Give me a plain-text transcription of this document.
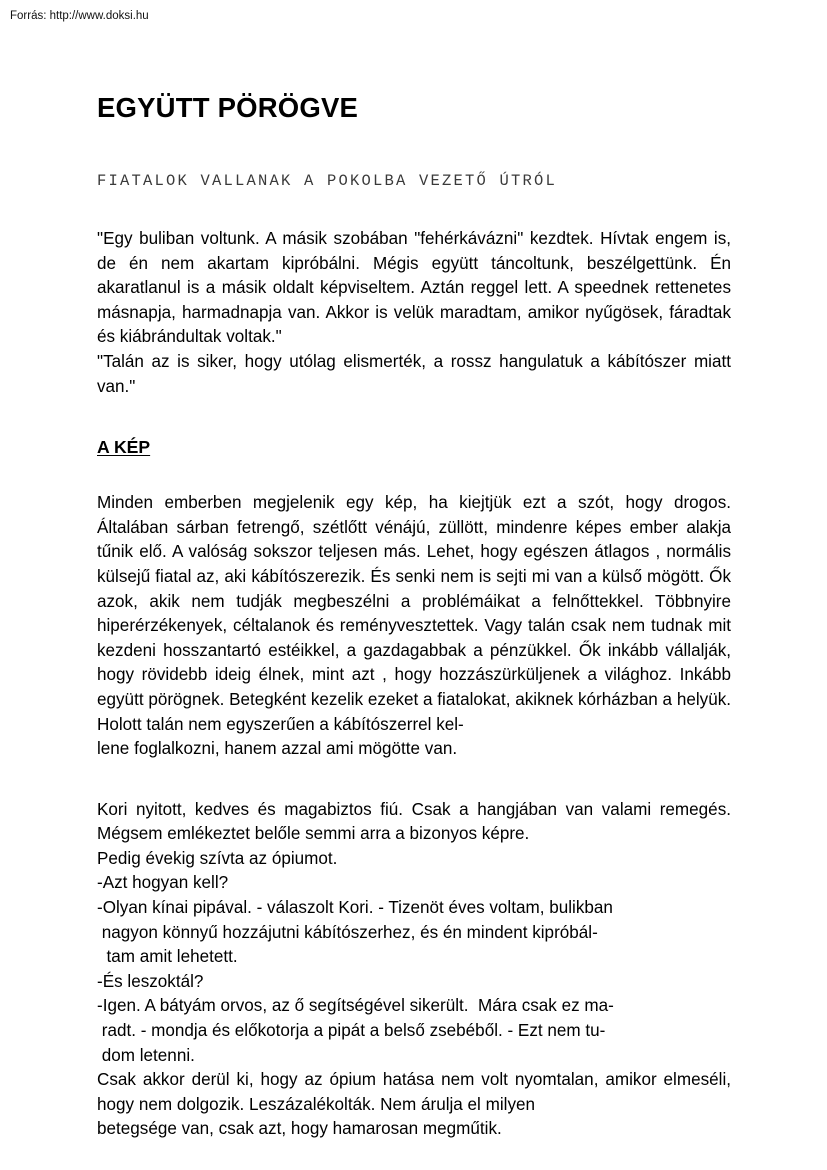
Forrás: http://www.doksi.hu
EGYÜTT PÖRÖGVE
FIATALOK VALLANAK A POKOLBA VEZETŐ ÚTRÓL

"Egy buliban voltunk. A másik szobában "fehérkávázni" kezdtek. Hívtak engem is, de én nem akartam kipróbálni. Mégis együtt táncoltunk, beszélgettünk. Én akaratlanul is a másik oldalt képviseltem. Aztán reggel lett. A speednek rettenetes másnapja, harmadnapja van. Akkor is velük maradtam, amikor nyűgösek, fáradtak és kiábrándultak voltak."

"Talán az is siker, hogy utólag elismerték, a rossz hangulatuk a kábítószer miatt van."

A KÉP

Minden emberben megjelenik egy kép, ha kiejtjük ezt a szót, hogy drogos. Általában sárban fetrengő, szétlőtt vénájú, züllött, mindenre képes ember alakja tűnik elő. A valóság sokszor teljesen más. Lehet, hogy egészen átlagos , normális külsejű fiatal az, aki kábítószerezik. És senki nem is sejti mi van a külső mögött. Ők azok, akik nem tudják megbeszélni a problémáikat a felnőttekkel. Többnyire hiperérzékenyek, céltalanok és reményvesztettek. Vagy talán csak nem tudnak mit kezdeni hosszantartó estéikkel, a gazdagabbak a pénzükkel. Ők inkább vállalják, hogy rövidebb ideig élnek, mint azt , hogy hozzászürküljenek a világhoz. Inkább együtt pörögnek. Betegként kezelik ezeket a fiatalokat, akiknek kórházban a helyük. Holott talán nem egyszerűen a kábítószerrel kel-

lene foglalkozni, hanem azzal ami mögötte van.

Kori nyitott, kedves és magabiztos fiú. Csak a hangjában van valami remegés. Mégsem emlékeztet belőle semmi arra a bizonyos képre.

Pedig évekig szívta az ópiumot.

-Azt hogyan kell?

-Olyan kínai pipával. - válaszolt Kori. - Tizenöt éves voltam, bulikban

nagyon könnyű hozzájutni kábítószerhez, és én mindent kipróbál-

tam amit lehetett.

-És leszoktál?

-Igen. A bátyám orvos, az ő segítségével sikerült.  Mára csak ez ma-

radt. - mondja és előkotorja a pipát a belső zsebéből. - Ezt nem tu-

dom letenni.

Csak akkor derül ki, hogy az ópium hatása nem volt nyomtalan, amikor elmeséli, hogy nem dolgozik. Leszázalékolták. Nem árulja el milyen

betegsége van, csak azt, hogy hamarosan megműtik.
